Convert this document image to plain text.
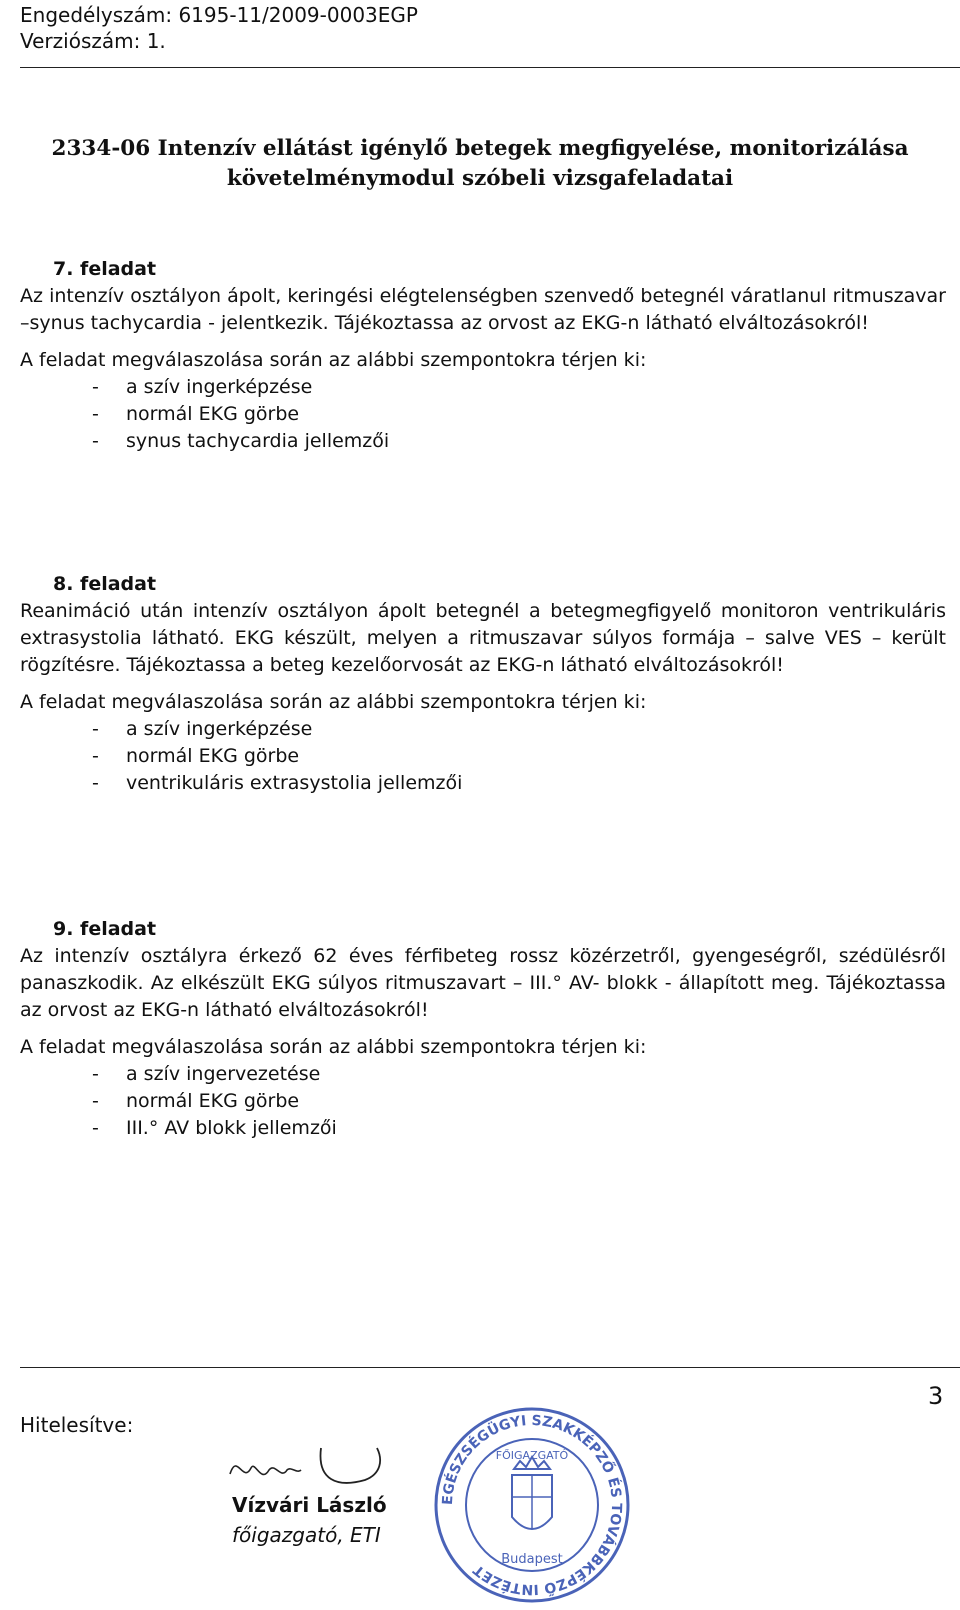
Engedélyszám: 6195-11/2009-0003EGP
Verziószám: 1.
2334-06 Intenzív ellátást igénylő betegek megfigyelése, monitorizálása
követelménymodul szóbeli vizsgafeladatai
7. feladat
Az intenzív osztályon ápolt, keringési elégtelenségben szenvedő betegnél váratlanul ritmuszavar –synus tachycardia - jelentkezik. Tájékoztassa az orvost az EKG-n látható elváltozásokról!
A feladat megválaszolása során az alábbi szempontokra térjen ki:
- a szív ingerképzése
- normál EKG görbe
- synus tachycardia jellemzői
8. feladat
Reanimáció után intenzív osztályon ápolt betegnél a betegmegfigyelő monitoron ventrikuláris extrasystolia látható. EKG készült, melyen a ritmuszavar súlyos formája – salve VES – került rögzítésre. Tájékoztassa a beteg kezelőorvosát az EKG-n látható elváltozásokról!
A feladat megválaszolása során az alábbi szempontokra térjen ki:
- a szív ingerképzése
- normál EKG görbe
- ventrikuláris extrasystolia jellemzői
9. feladat
Az intenzív osztályra érkező 62 éves férfibeteg rossz közérzetről, gyengeségről, szédülésről panaszkodik. Az elkészült EKG súlyos ritmuszavart – III.° AV- blokk - állapított meg. Tájékoztassa az orvost az EKG-n látható elváltozásokról!
A feladat megválaszolása során az alábbi szempontokra térjen ki:
- a szív ingervezetése
- normál EKG görbe
- III.° AV blokk jellemzői
3
Hitelesítve:
Vízvári László
főigazgató, ETI
EGÉSZSÉGÜGYI SZAKKÉPZŐ ÉS TOVÁBBKÉPZŐ INTÉZET
FŐIGAZGATÓ
Budapest
